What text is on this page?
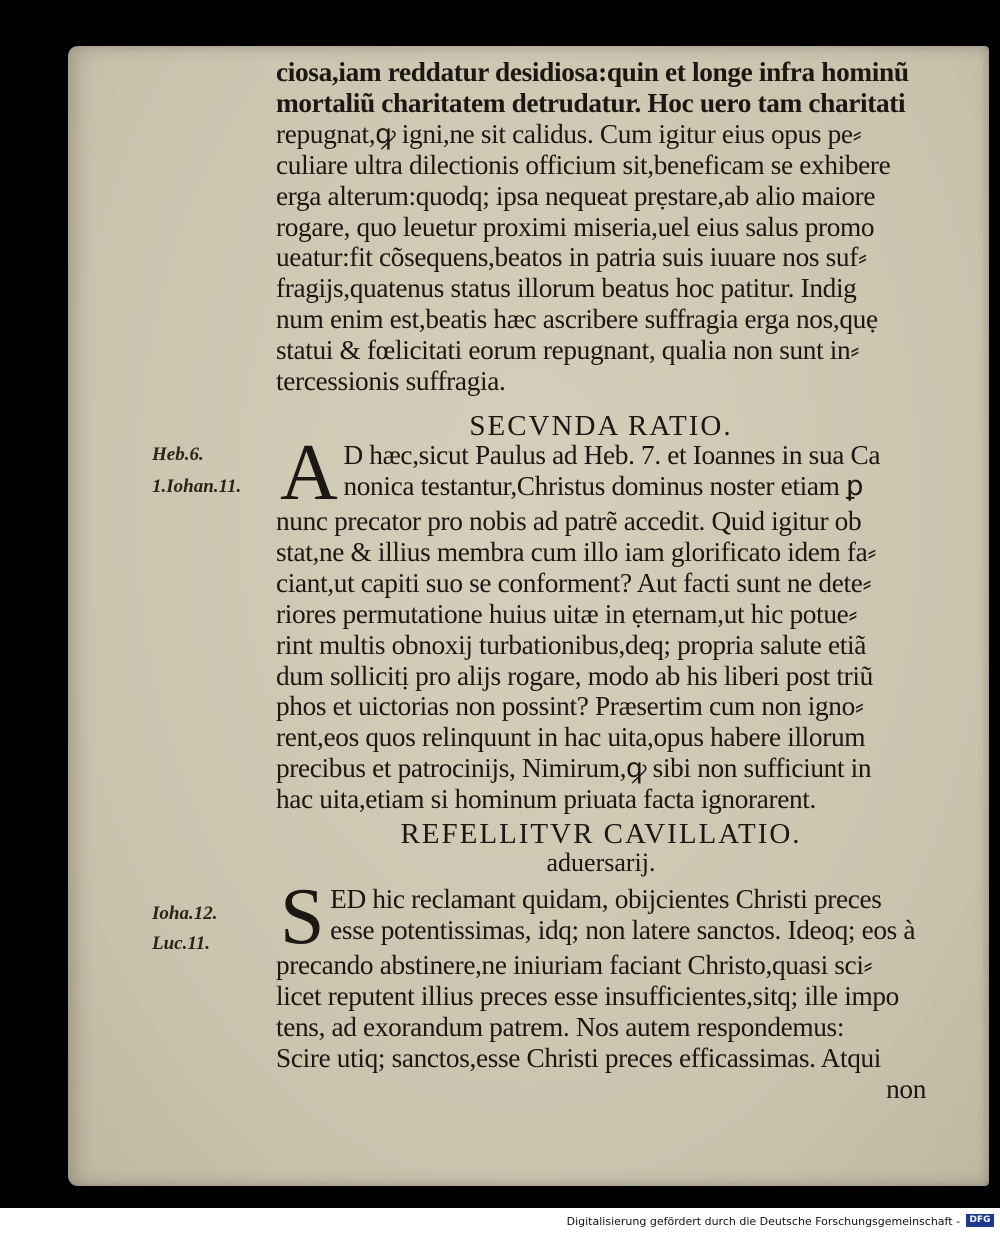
ciosa,iam reddatur desidiosa:quin et longe infra hominũ
mortaliũ charitatem detrudatur. Hoc uero tam charitati
repugnat,ꝙ igni,ne sit calidus. Cum igitur eius opus pe⸗
culiare ultra dilectionis officium sit,beneficam se exhibere
erga alterum:quodq; ipsa nequeat prẹstare,ab alio maiore
rogare, quo leuetur proximi miseria,uel eius salus promo
ueatur:fit cõsequens,beatos in patria suis iuuare nos suf⸗
fragijs,quatenus status illorum beatus hoc patitur. Indig
num enim est,beatis hæc ascribere suffragia erga nos,quẹ
statui & fœlicitati eorum repugnant, qualia non sunt in⸗
tercessionis suffragia.
SECVNDA RATIO.
A D hæc,sicut Paulus ad Heb. 7. et Ioannes in sua Ca
nonica testantur,Christus dominus noster etiam ꝑ
nunc precator pro nobis ad patrẽ accedit. Quid igitur ob
stat,ne & illius membra cum illo iam glorificato idem fa⸗
ciant,ut capiti suo se conforment? Aut facti sunt ne dete⸗
riores permutatione huius uitæ in ẹternam,ut hic potue⸗
rint multis obnoxij turbationibus,deq; propria salute etiã
dum sollicitị pro alijs rogare, modo ab his liberi post triũ
phos et uictorias non possint? Præsertim cum non igno⸗
rent,eos quos relinquunt in hac uita,opus habere illorum
precibus et patrocinijs, Nimirum,ꝙ sibi non sufficiunt in
hac uita,etiam si hominum priuata facta ignorarent.
REFELLITVR CAVILLATIO.
aduersarij.
S ED hic reclamant quidam, obijcientes Christi preces
esse potentissimas, idq; non latere sanctos. Ideoq; eos à
precando abstinere,ne iniuriam faciant Christo,quasi sci⸗
licet reputent illius preces esse insufficientes,sitq; ille impo
tens, ad exorandum patrem. Nos autem respondemus:
Scire utiq; sanctos,esse Christi preces efficassimas. Atqui
non
Heb.6.
1.Iohan.11.
Ioha.12.
Luc.11.
Digitalisierung gefördert durch die Deutsche Forschungsgemeinschaft -	DFG
